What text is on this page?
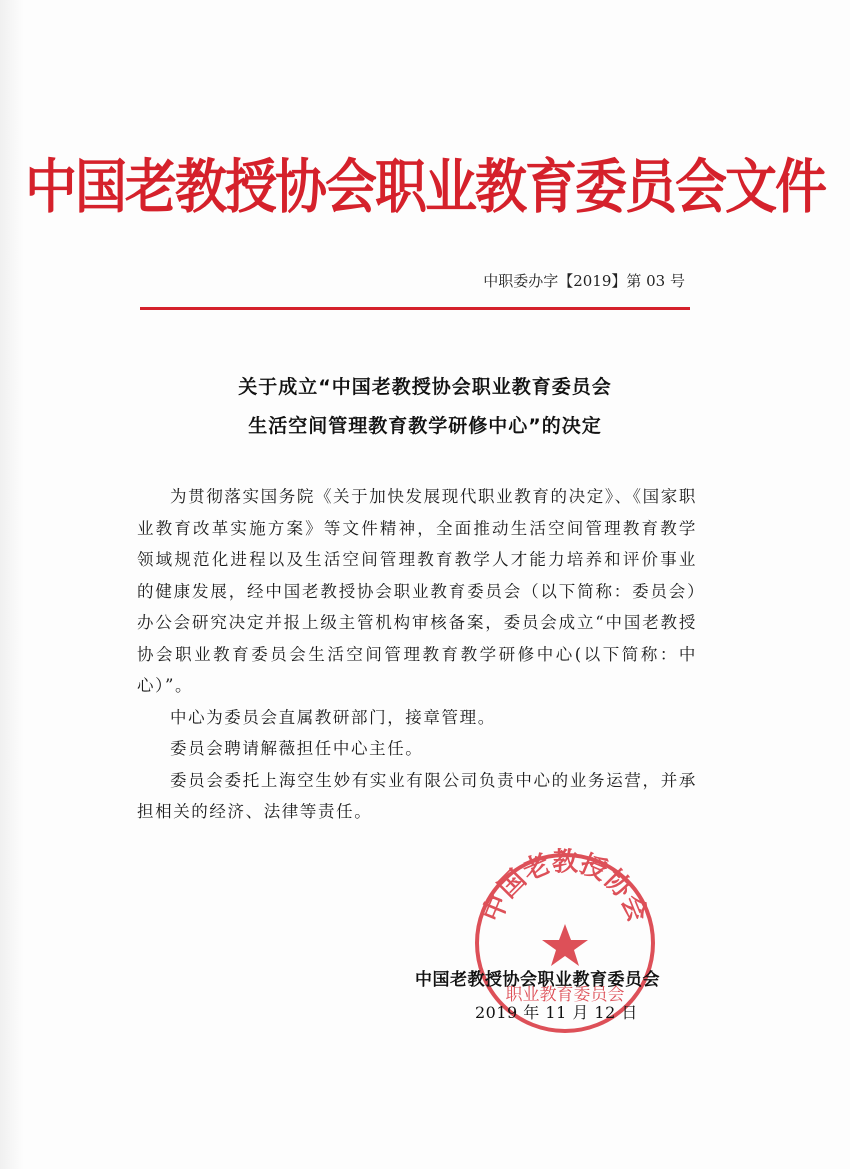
中国老教授协会职业教育委员会文件
中职委办字【2019】第 03 号
关于成立“中国老教授协会职业教育委员会
生活空间管理教育教学研修中心”的决定

为贯彻落实国务院《关于加快发展现代职业教育的决定》、《国家职业教育改革实施方案》等文件精神，全面推动生活空间管理教育教学领域规范化进程以及生活空间管理教育教学人才能力培养和评价事业的健康发展，经中国老教授协会职业教育委员会（以下简称：委员会）办公会研究决定并报上级主管机构审核备案，委员会成立“中国老教授协会职业教育委员会生活空间管理教育教学研修中心(以下简称：中心）”。

中心为委员会直属教研部门，接章管理。

委员会聘请解薇担任中心主任。

委员会委托上海空生妙有实业有限公司负责中心的业务运营，并承担相关的经济、法律等责任。

中国老教授协会
职业教育委员会
中国老教授协会职业教育委员会
2019 年 11 月 12 日
